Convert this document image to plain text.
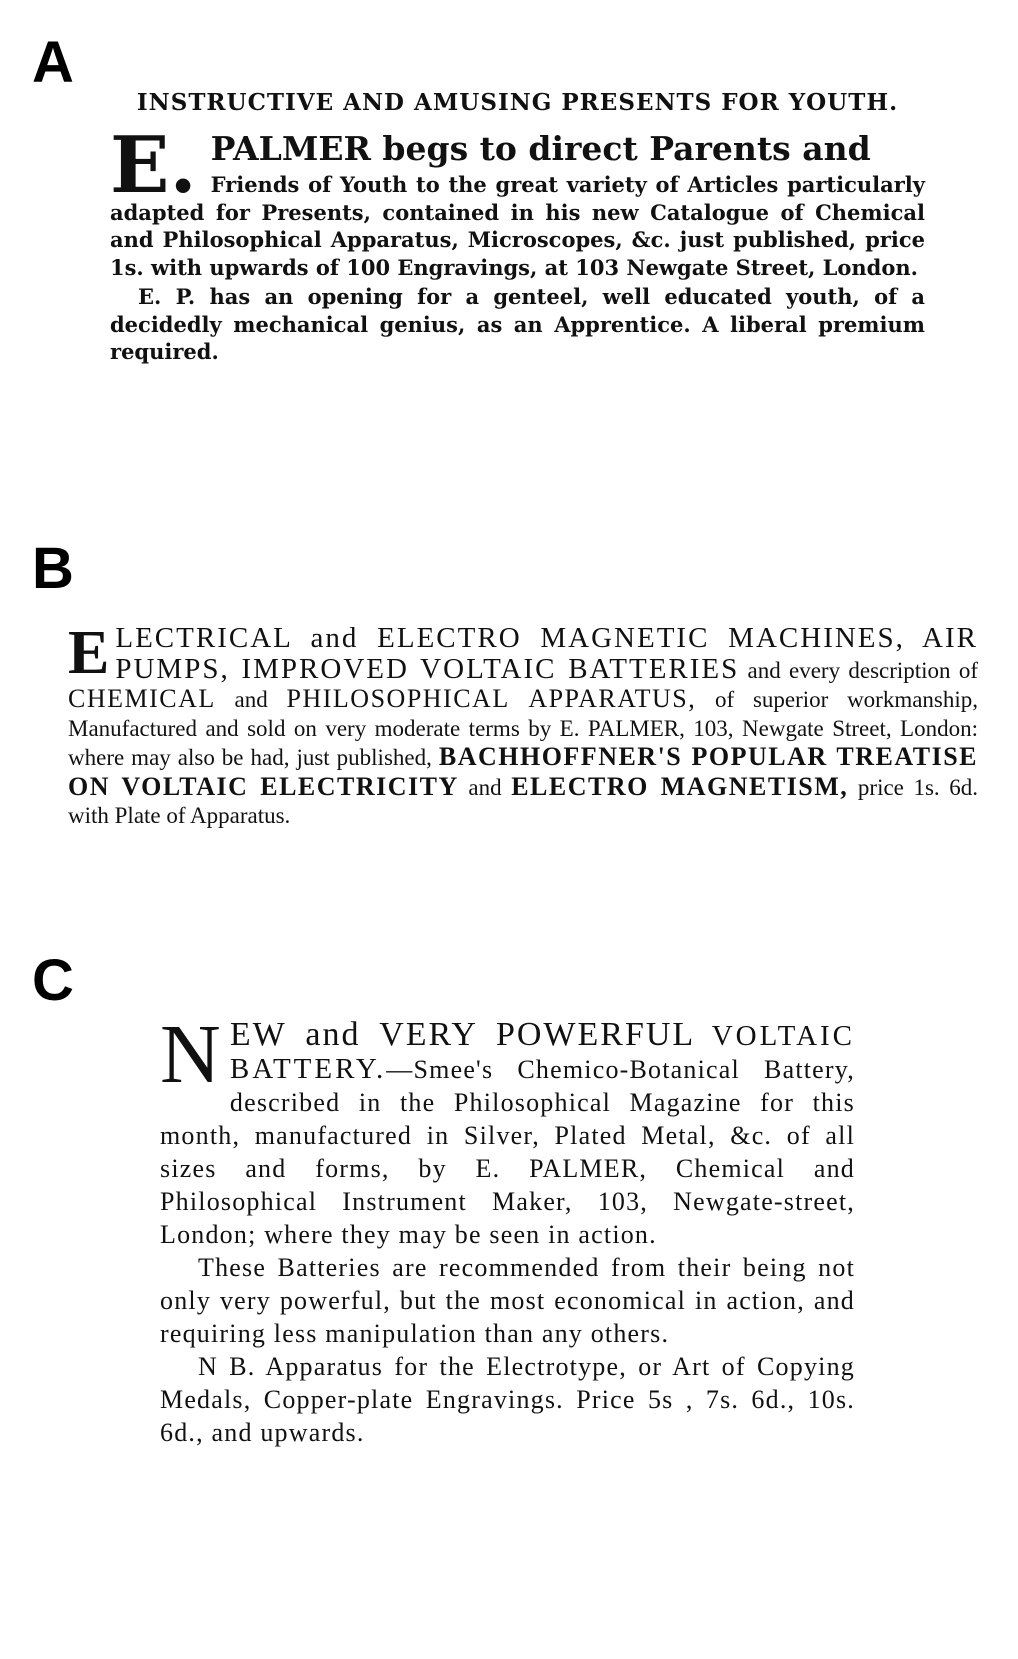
A
B
C
INSTRUCTIVE AND AMUSING PRESENTS FOR YOUTH.
E. PALMER begs to direct Parents and
Friends of Youth to the great variety of Articles particularly adapted for Presents, contained in his new Catalogue of Chemical and Philosophical Apparatus, Microscopes, &c. just published, price 1s. with upwards of 100 Engravings, at 103 Newgate Street, London.
E. P. has an opening for a genteel, well educated youth, of a decidedly mechanical genius, as an Apprentice. A liberal premium required.
E LECTRICAL and ELECTRO MAGNETIC MACHINES, AIR PUMPS, IMPROVED VOLTAIC BATTERIES and every description of CHEMICAL and PHILOSOPHICAL APPARATUS, of superior workmanship, Manufactured and sold on very moderate terms by E. PALMER, 103, Newgate Street, London: where may also be had, just published, BACHHOFFNER'S POPULAR TREATISE ON VOLTAIC ELECTRICITY and ELECTRO MAGNETISM, price 1s. 6d. with Plate of Apparatus.
N EW and VERY POWERFUL VOLTAIC BATTERY.—Smee's Chemico-Botanical Battery, described in the Philosophical Magazine for this month, manufactured in Silver, Plated Metal, &c. of all sizes and forms, by E. PALMER, Chemical and Philosophical Instrument Maker, 103, Newgate-street, London; where they may be seen in action.

These Batteries are recommended from their being not only very powerful, but the most economical in action, and requiring less manipulation than any others.

N B. Apparatus for the Electrotype, or Art of Copying Medals, Copper-plate Engravings. Price 5s , 7s. 6d., 10s. 6d., and upwards.
